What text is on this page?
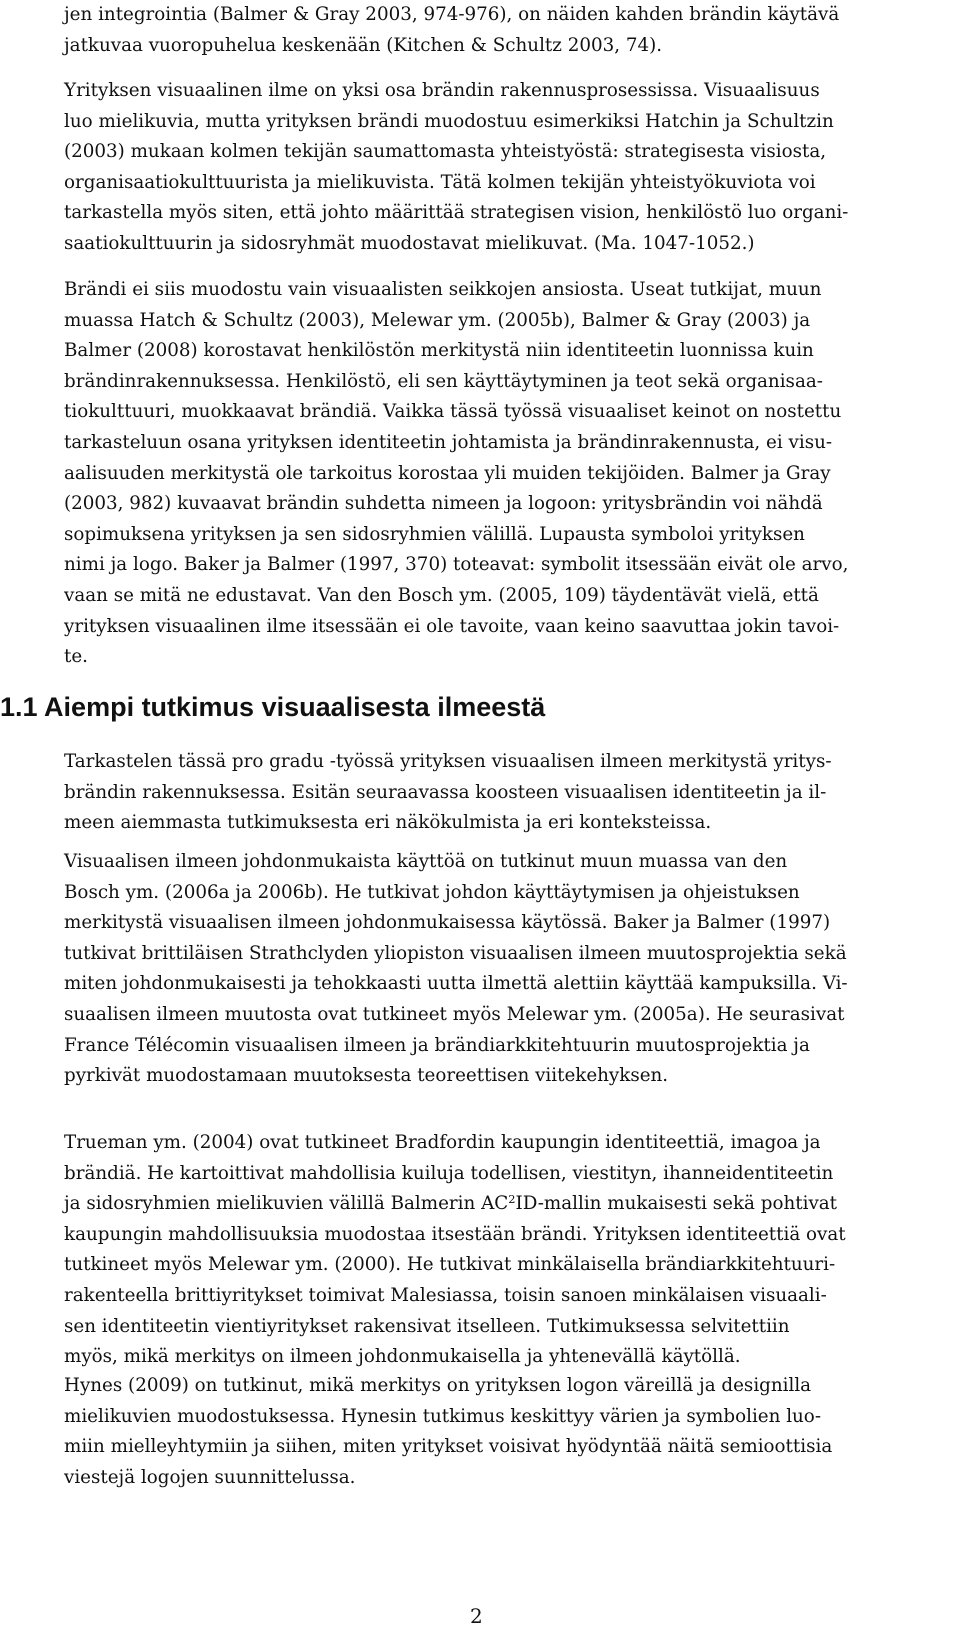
jen integrointia (Balmer & Gray 2003, 974-976), on näiden kahden brändin käytävä
jatkuvaa vuoropuhelua keskenään (Kitchen & Schultz 2003, 74).

Yrityksen visuaalinen ilme on yksi osa brändin rakennusprosessissa. Visuaalisuus
luo mielikuvia, mutta yrityksen brändi muodostuu esimerkiksi Hatchin ja Schultzin
(2003) mukaan kolmen tekijän saumattomasta yhteistyöstä: strategisesta visiosta,
organisaatiokulttuurista ja mielikuvista. Tätä kolmen tekijän yhteistyökuviota voi
tarkastella myös siten, että johto määrittää strategisen vision, henkilöstö luo organi-
saatiokulttuurin ja sidosryhmät muodostavat mielikuvat. (Ma. 1047-1052.)

Brändi ei siis muodostu vain visuaalisten seikkojen ansiosta. Useat tutkijat, muun
muassa Hatch & Schultz (2003), Melewar ym. (2005b), Balmer & Gray (2003) ja
Balmer (2008) korostavat henkilöstön merkitystä niin identiteetin luonnissa kuin
brändinrakennuksessa. Henkilöstö, eli sen käyttäytyminen ja teot sekä organisaa-
tiokulttuuri, muokkaavat brändiä. Vaikka tässä työssä visuaaliset keinot on nostettu
tarkasteluun osana yrityksen identiteetin johtamista ja brändinrakennusta, ei visu-
aalisuuden merkitystä ole tarkoitus korostaa yli muiden tekijöiden. Balmer ja Gray
(2003, 982) kuvaavat brändin suhdetta nimeen ja logoon: yritysbrändin voi nähdä
sopimuksena yrityksen ja sen sidosryhmien välillä. Lupausta symboloi yrityksen
nimi ja logo. Baker ja Balmer (1997, 370) toteavat: symbolit itsessään eivät ole arvo,
vaan se mitä ne edustavat. Van den Bosch ym. (2005, 109) täydentävät vielä, että
yrityksen visuaalinen ilme itsessään ei ole tavoite, vaan keino saavuttaa jokin tavoi-
te.

1.1 Aiempi tutkimus visuaalisesta ilmeestä

Tarkastelen tässä pro gradu -työssä yrityksen visuaalisen ilmeen merkitystä yritys-
brändin rakennuksessa. Esitän seuraavassa koosteen visuaalisen identiteetin ja il-
meen aiemmasta tutkimuksesta eri näkökulmista ja eri konteksteissa.

Visuaalisen ilmeen johdonmukaista käyttöä on tutkinut muun muassa van den
Bosch ym. (2006a ja 2006b). He tutkivat johdon käyttäytymisen ja ohjeistuksen
merkitystä visuaalisen ilmeen johdonmukaisessa käytössä. Baker ja Balmer (1997)
tutkivat brittiläisen Strathclyden yliopiston visuaalisen ilmeen muutosprojektia sekä
miten johdonmukaisesti ja tehokkaasti uutta ilmettä alettiin käyttää kampuksilla. Vi-
suaalisen ilmeen muutosta ovat tutkineet myös Melewar ym. (2005a). He seurasivat
France Télécomin visuaalisen ilmeen ja brändiarkkitehtuurin muutosprojektia ja
pyrkivät muodostamaan muutoksesta teoreettisen viitekehyksen.

Trueman ym. (2004) ovat tutkineet Bradfordin kaupungin identiteettiä, imagoa ja
brändiä. He kartoittivat mahdollisia kuiluja todellisen, viestityn, ihanneidentiteetin
ja sidosryhmien mielikuvien välillä Balmerin $AC^2ID$-mallin mukaisesti sekä pohtivat
kaupungin mahdollisuuksia muodostaa itsestään brändi. Yrityksen identiteettiä ovat
tutkineet myös Melewar ym. (2000). He tutkivat minkälaisella brändiarkkitehtuuri-
rakenteella brittiyritykset toimivat Malesiassa, toisin sanoen minkälaisen visuaali-
sen identiteetin vientiyritykset rakensivat itselleen. Tutkimuksessa selvitettiin
myös, mikä merkitys on ilmeen johdonmukaisella ja yhtenevällä käytöllä.

Hynes (2009) on tutkinut, mikä merkitys on yrityksen logon väreillä ja designilla
mielikuvien muodostuksessa. Hynesin tutkimus keskittyy värien ja symbolien luo-
miin mielleyhtymiin ja siihen, miten yritykset voisivat hyödyntää näitä semioottisia
viestejä logojen suunnittelussa.

2
